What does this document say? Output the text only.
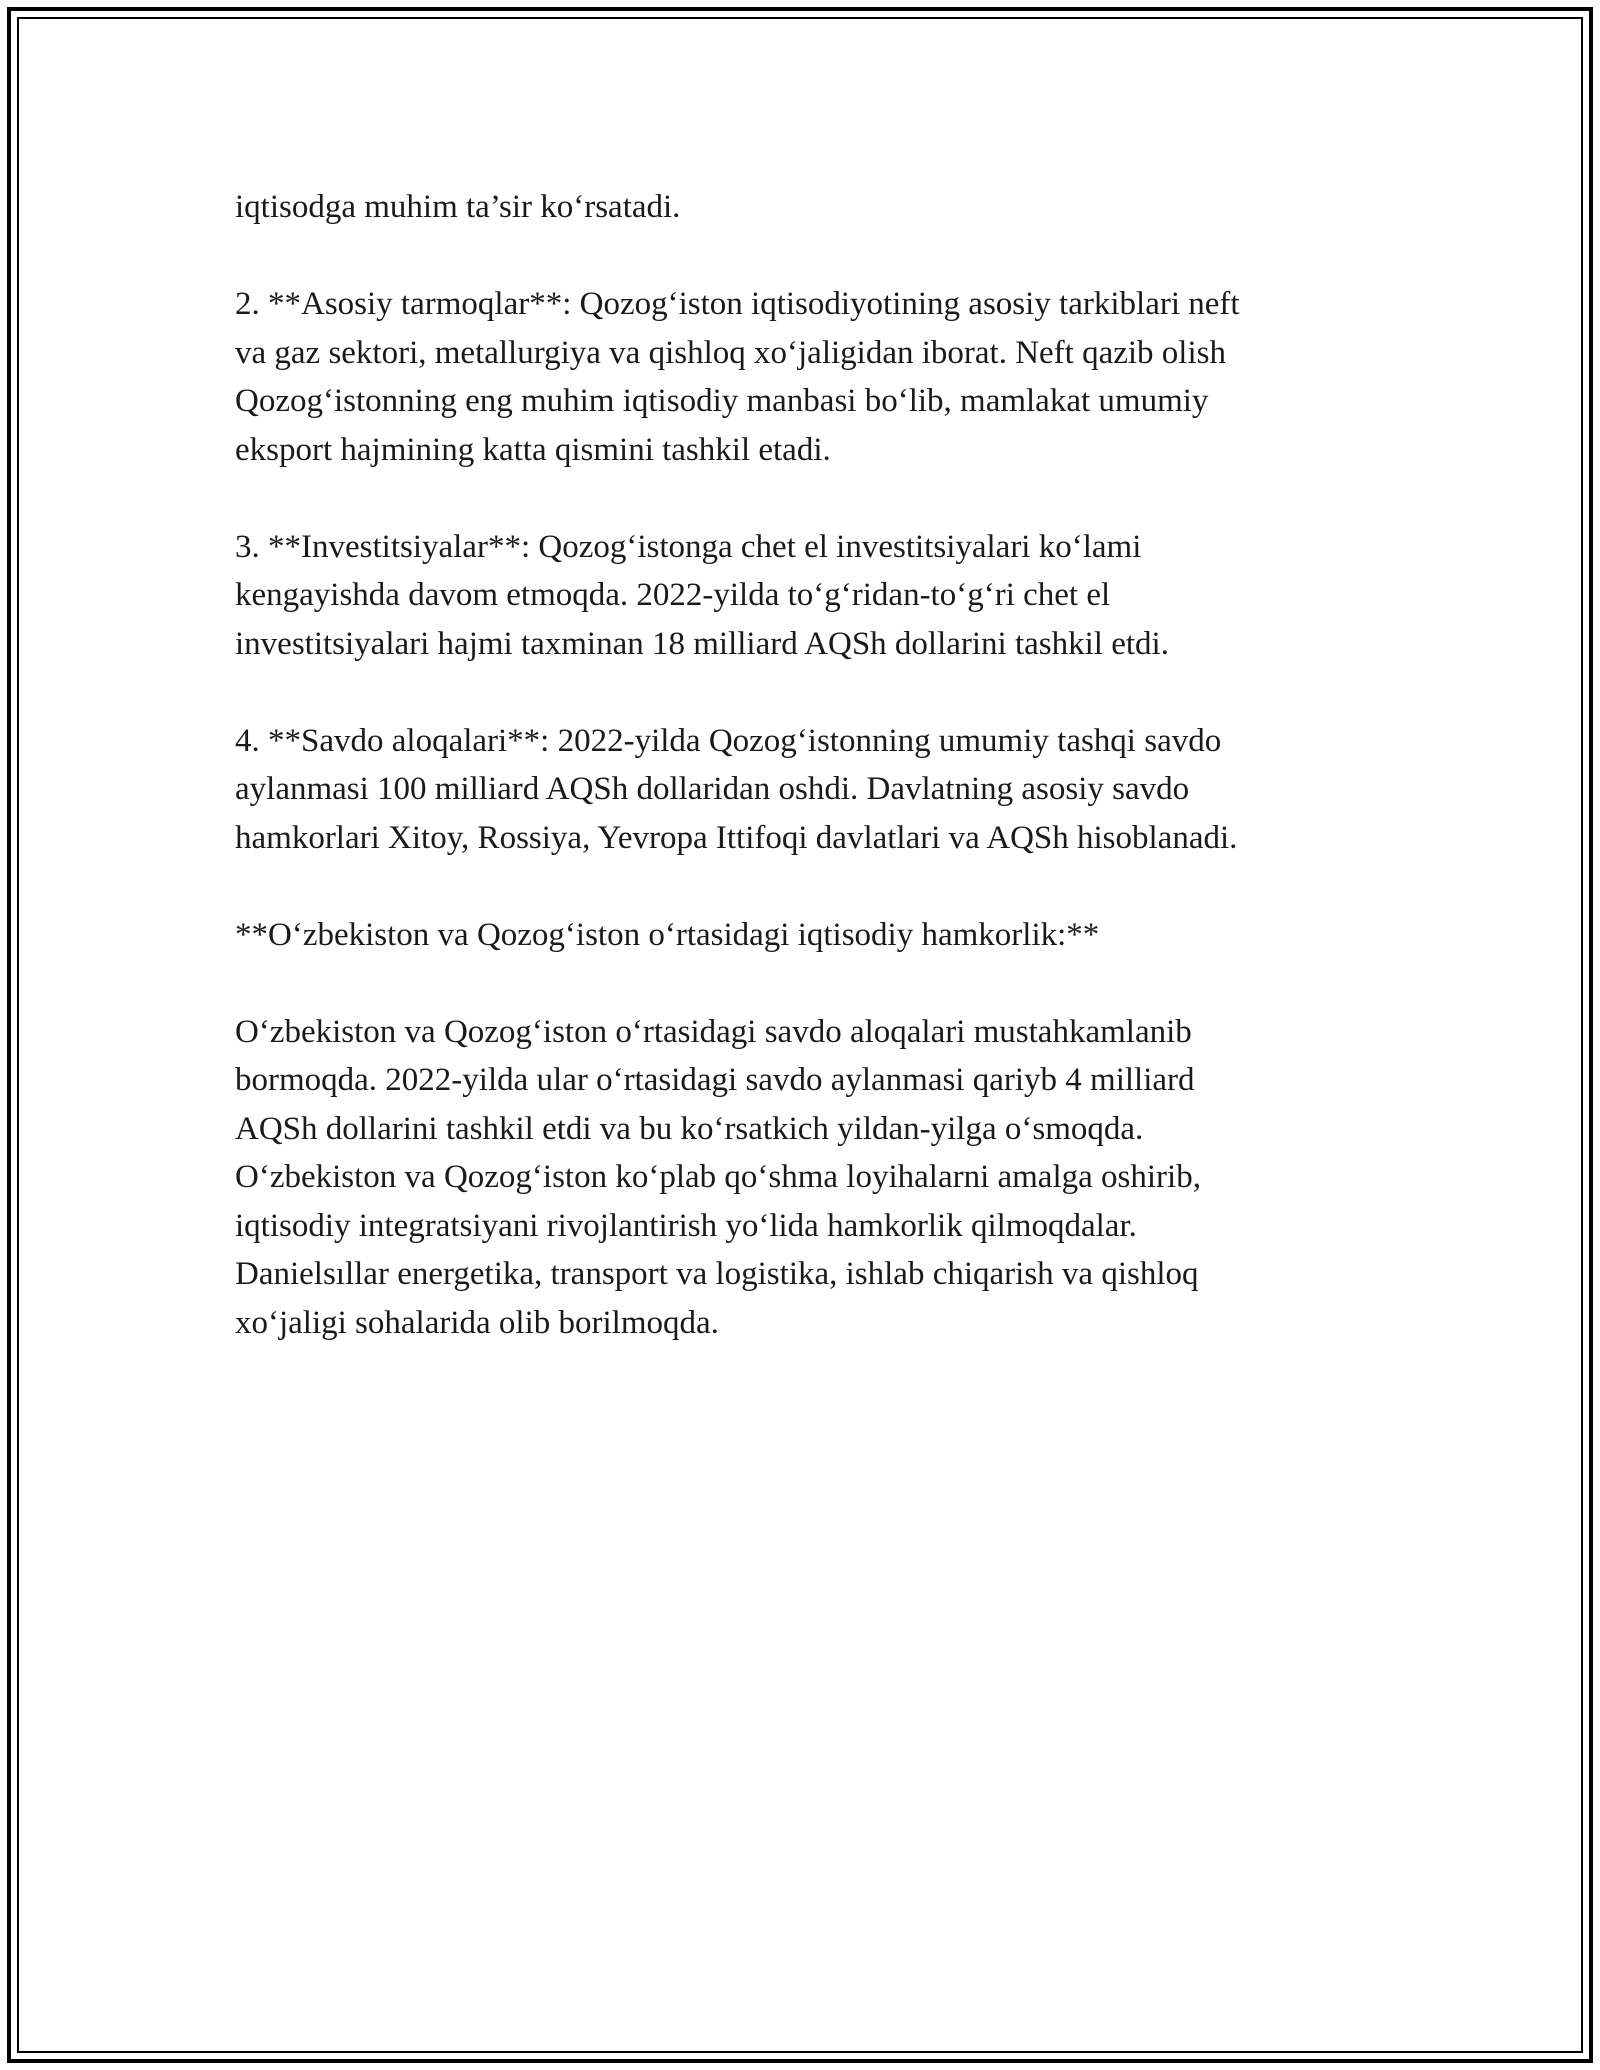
iqtisodga muhim ta’sir ko‘rsatadi.

2. **Asosiy tarmoqlar**: Qozog‘iston iqtisodiyotining asosiy tarkiblari neft
va gaz sektori, metallurgiya va qishloq xo‘jaligidan iborat. Neft qazib olish
Qozog‘istonning eng muhim iqtisodiy manbasi bo‘lib, mamlakat umumiy
eksport hajmining katta qismini tashkil etadi.

3. **Investitsiyalar**: Qozog‘istonga chet el investitsiyalari ko‘lami
kengayishda davom etmoqda. 2022-yilda to‘g‘ridan-to‘g‘ri chet el
investitsiyalari hajmi taxminan 18 milliard AQSh dollarini tashkil etdi.

4. **Savdo aloqalari**: 2022-yilda Qozog‘istonning umumiy tashqi savdo
aylanmasi 100 milliard AQSh dollaridan oshdi. Davlatning asosiy savdo
hamkorlari Xitoy, Rossiya, Yevropa Ittifoqi davlatlari va AQSh hisoblanadi.

**O‘zbekiston va Qozog‘iston o‘rtasidagi iqtisodiy hamkorlik:**

O‘zbekiston va Qozog‘iston o‘rtasidagi savdo aloqalari mustahkamlanib
bormoqda. 2022-yilda ular o‘rtasidagi savdo aylanmasi qariyb 4 milliard
AQSh dollarini tashkil etdi va bu ko‘rsatkich yildan-yilga o‘smoqda.
O‘zbekiston va Qozog‘iston ko‘plab qo‘shma loyihalarni amalga oshirib,
iqtisodiy integratsiyani rivojlantirish yo‘lida hamkorlik qilmoqdalar.
Danielsıllar energetika, transport va logistika, ishlab chiqarish va qishloq
xo‘jaligi sohalarida olib borilmoqda.
